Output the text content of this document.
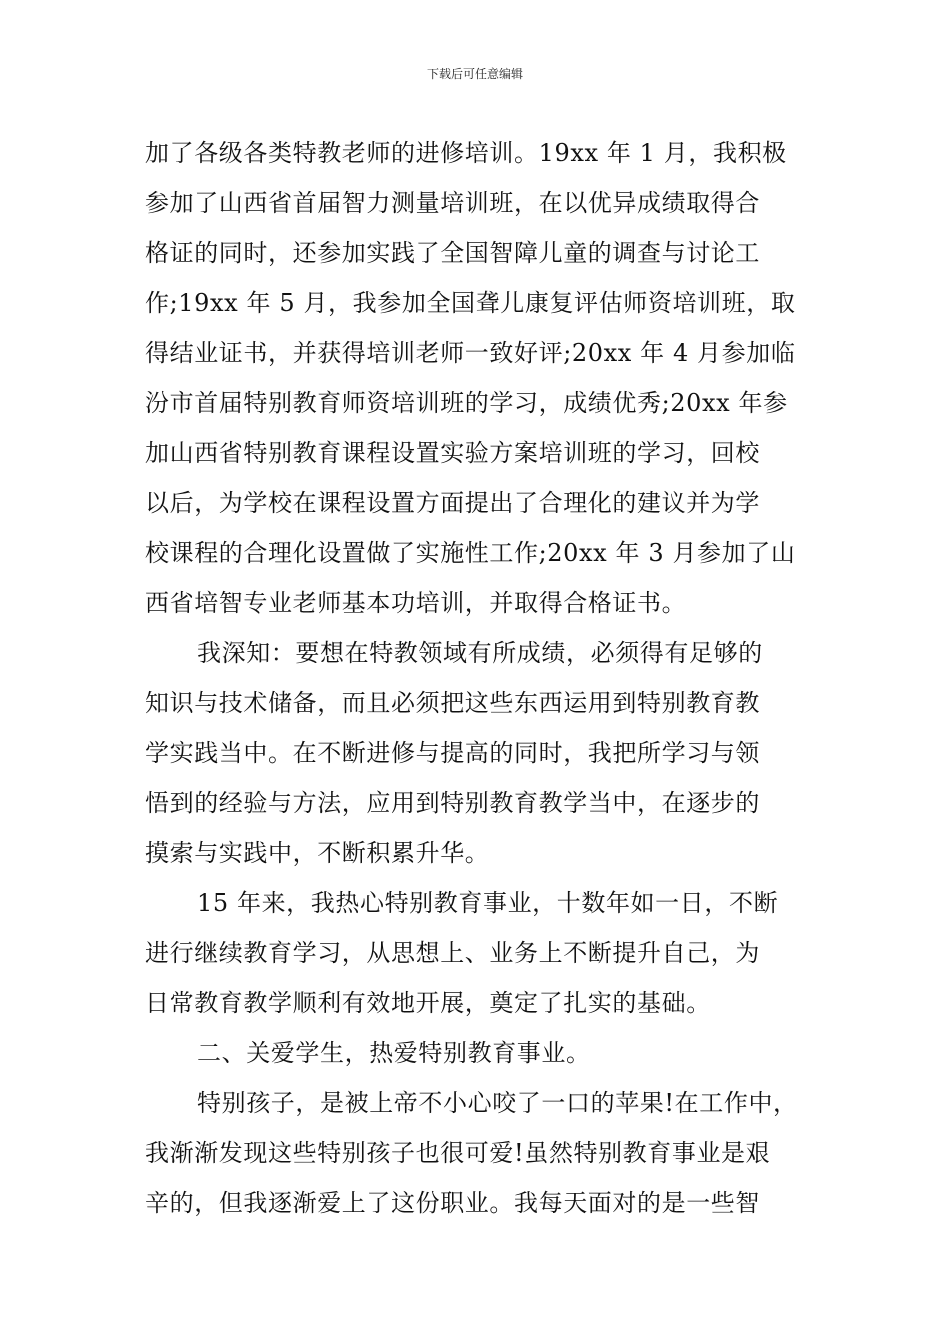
下载后可任意编辑
加了各级各类特教老师的进修培训。19xx 年 1 月，我积极
参加了山西省首届智力测量培训班，在以优异成绩取得合
格证的同时，还参加实践了全国智障儿童的调查与讨论工
作;19xx 年 5 月，我参加全国聋儿康复评估师资培训班，取
得结业证书，并获得培训老师一致好评;20xx 年 4 月参加临
汾市首届特别教育师资培训班的学习，成绩优秀;20xx 年参
加山西省特别教育课程设置实验方案培训班的学习，回校
以后，为学校在课程设置方面提出了合理化的建议并为学
校课程的合理化设置做了实施性工作;20xx 年 3 月参加了山
西省培智专业老师基本功培训，并取得合格证书。
我深知：要想在特教领域有所成绩，必须得有足够的
知识与技术储备，而且必须把这些东西运用到特别教育教
学实践当中。在不断进修与提高的同时，我把所学习与领
悟到的经验与方法，应用到特别教育教学当中，在逐步的
摸索与实践中，不断积累升华。
15 年来，我热心特别教育事业，十数年如一日，不断
进行继续教育学习，从思想上、业务上不断提升自己，为
日常教育教学顺利有效地开展，奠定了扎实的基础。
二、关爱学生，热爱特别教育事业。
特别孩子，是被上帝不小心咬了一口的苹果!在工作中，
我渐渐发现这些特别孩子也很可爱!虽然特别教育事业是艰
辛的，但我逐渐爱上了这份职业。我每天面对的是一些智
